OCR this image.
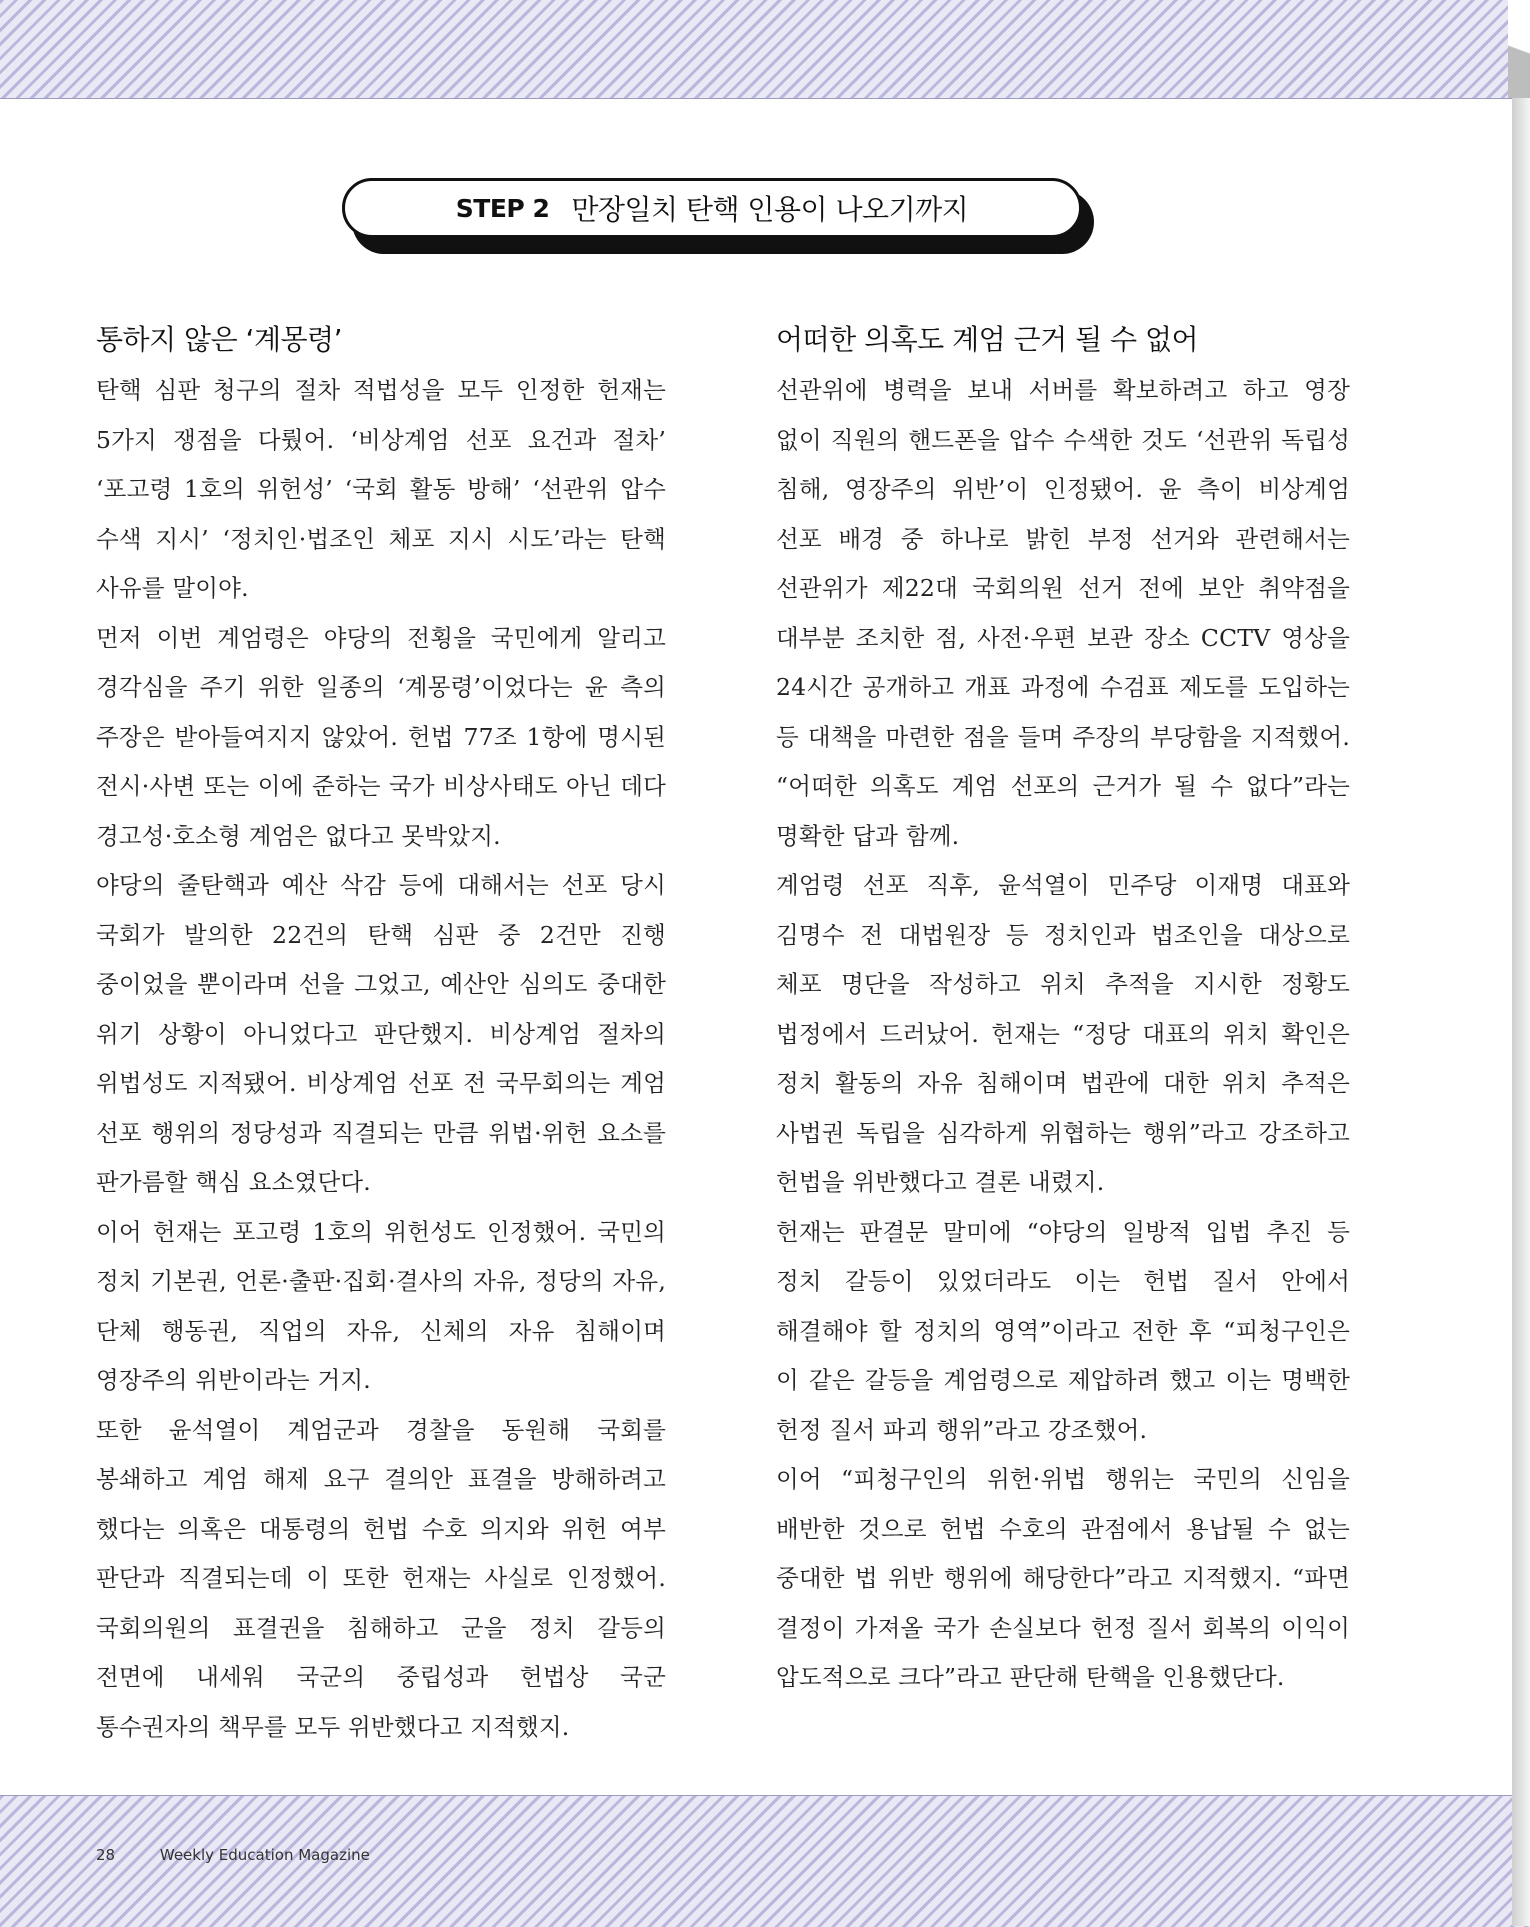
STEP 2 만장일치 탄핵 인용이 나오기까지
통하지 않은 ‘계몽령’

탄핵 심판 청구의 절차 적법성을 모두 인정한 헌재는 5가지 쟁점을 다뤘어. ‘비상계엄 선포 요건과 절차’ ‘포고령 1호의 위헌성’ ‘국회 활동 방해’ ‘선관위 압수 수색 지시’ ‘정치인·법조인 체포 지시 시도’라는 탄핵 사유를 말이야.

먼저 이번 계엄령은 야당의 전횡을 국민에게 알리고 경각심을 주기 위한 일종의 ‘계몽령’이었다는 윤 측의 주장은 받아들여지지 않았어. 헌법 77조 1항에 명시된 전시·사변 또는 이에 준하는 국가 비상사태도 아닌 데다 경고성·호소형 계엄은 없다고 못박았지.

야당의 줄탄핵과 예산 삭감 등에 대해서는 선포 당시 국회가 발의한 22건의 탄핵 심판 중 2건만 진행 중이었을 뿐이라며 선을 그었고, 예산안 심의도 중대한 위기 상황이 아니었다고 판단했지. 비상계엄 절차의 위법성도 지적됐어. 비상계엄 선포 전 국무회의는 계엄 선포 행위의 정당성과 직결되는 만큼 위법·위헌 요소를 판가름할 핵심 요소였단다.

이어 헌재는 포고령 1호의 위헌성도 인정했어. 국민의 정치 기본권, 언론·출판·집회·결사의 자유, 정당의 자유, 단체 행동권, 직업의 자유, 신체의 자유 침해이며 영장주의 위반이라는 거지.

또한 윤석열이 계엄군과 경찰을 동원해 국회를 봉쇄하고 계엄 해제 요구 결의안 표결을 방해하려고 했다는 의혹은 대통령의 헌법 수호 의지와 위헌 여부 판단과 직결되는데 이 또한 헌재는 사실로 인정했어. 국회의원의 표결권을 침해하고 군을 정치 갈등의 전면에 내세워 국군의 중립성과 헌법상 국군 통수권자의 책무를 모두 위반했다고 지적했지.

어떠한 의혹도 계엄 근거 될 수 없어

선관위에 병력을 보내 서버를 확보하려고 하고 영장 없이 직원의 핸드폰을 압수 수색한 것도 ‘선관위 독립성 침해, 영장주의 위반’이 인정됐어. 윤 측이 비상계엄 선포 배경 중 하나로 밝힌 부정 선거와 관련해서는 선관위가 제22대 국회의원 선거 전에 보안 취약점을 대부분 조치한 점, 사전·우편 보관 장소 CCTV 영상을 24시간 공개하고 개표 과정에 수검표 제도를 도입하는 등 대책을 마련한 점을 들며 주장의 부당함을 지적했어. “어떠한 의혹도 계엄 선포의 근거가 될 수 없다”라는 명확한 답과 함께.

계엄령 선포 직후, 윤석열이 민주당 이재명 대표와 김명수 전 대법원장 등 정치인과 법조인을 대상으로 체포 명단을 작성하고 위치 추적을 지시한 정황도 법정에서 드러났어. 헌재는 “정당 대표의 위치 확인은 정치 활동의 자유 침해이며 법관에 대한 위치 추적은 사법권 독립을 심각하게 위협하는 행위”라고 강조하고 헌법을 위반했다고 결론 내렸지.

헌재는 판결문 말미에 “야당의 일방적 입법 추진 등 정치 갈등이 있었더라도 이는 헌법 질서 안에서 해결해야 할 정치의 영역”이라고 전한 후 “피청구인은 이 같은 갈등을 계엄령으로 제압하려 했고 이는 명백한 헌정 질서 파괴 행위”라고 강조했어.

이어 “피청구인의 위헌·위법 행위는 국민의 신임을 배반한 것으로 헌법 수호의 관점에서 용납될 수 없는 중대한 법 위반 행위에 해당한다”라고 지적했지. “파면 결정이 가져올 국가 손실보다 헌정 질서 회복의 이익이 압도적으로 크다”라고 판단해 탄핵을 인용했단다.

28	Weekly Education Magazine
